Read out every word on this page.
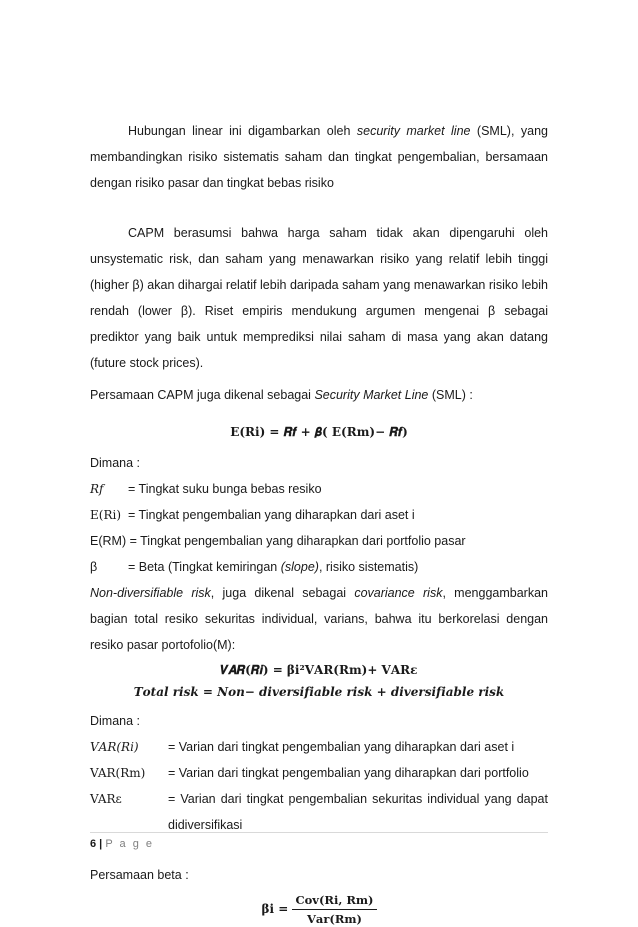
Hubungan linear ini digambarkan oleh security market line (SML), yang membandingkan risiko sistematis saham dan tingkat pengembalian, bersamaan dengan risiko pasar dan tingkat bebas risiko

CAPM berasumsi bahwa harga saham tidak akan dipengaruhi oleh unsystematic risk, dan saham yang menawarkan risiko yang relatif lebih tinggi (higher β) akan dihargai relatif lebih daripada saham yang menawarkan risiko lebih rendah (lower β). Riset empiris mendukung argumen mengenai β sebagai prediktor yang baik untuk memprediksi nilai saham di masa yang akan datang (future stock prices).

Persamaan CAPM juga dikenal sebagai Security Market Line (SML) :

E(Ri) = 𝑹𝒇 + 𝜷( E(Rm)− 𝑹𝒇)

Dimana :

𝑅𝑓	= Tingkat suku bunga bebas resiko
E(Ri) = Tingkat pengembalian yang diharapkan dari aset i

E(RM) = Tingkat pengembalian yang diharapkan dari portfolio pasar

β	= Beta (Tingkat kemiringan (slope), risiko sistematis)

Non-diversifiable risk, juga dikenal sebagai covariance risk, menggambarkan bagian total resiko sekuritas individual, varians, bahwa itu berkorelasi dengan resiko pasar portofolio(M):

𝑽𝑨𝑹(𝑹𝒊) = 𝛃𝐢²𝐕𝐀𝐑(𝐑𝐦)+ 𝐕𝐀𝐑ε
𝑻𝒐𝒕𝒂𝒍 𝒓𝒊𝒔𝒌 = 𝑵𝒐𝒏− 𝒅𝒊𝒗𝒆𝒓𝒔𝒊𝒇𝒊𝒂𝒃𝒍𝒆 𝒓𝒊𝒔𝒌 + 𝒅𝒊𝒗𝒆𝒓𝒔𝒊𝒇𝒊𝒂𝒃𝒍𝒆 𝒓𝒊𝒔𝒌

Dimana :

𝑉𝐴𝑅(𝑅𝑖)	= Varian dari tingkat pengembalian yang diharapkan dari aset i
VAR(Rm)	= Varian dari tingkat pengembalian yang diharapkan dari portfolio
VARε	= Varian dari tingkat pengembalian sekuritas individual yang dapat didiversifikasi

Persamaan beta :

𝛃𝐢 = $\frac{\text{𝐂𝐨𝐯(𝐑𝐢, 𝐑𝐦)}}{\text{𝐕𝐚𝐫(𝐑𝐦)}}$
6 | P a g e
